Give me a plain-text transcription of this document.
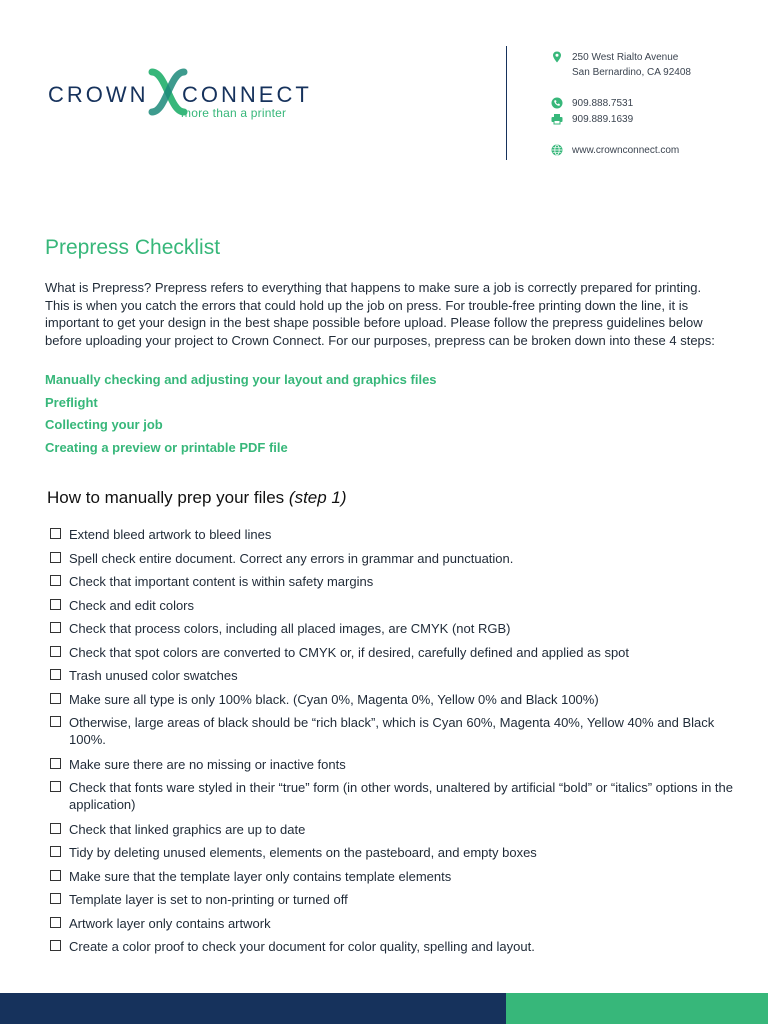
CROWN CONNECT
more than a printer
250 West Rialto Avenue
San Bernardino, CA 92408
909.888.7531
909.889.1639
www.crownconnect.com
Prepress Checklist

What is Prepress? Prepress refers to everything that happens to make sure a job is correctly prepared for printing. This is when you catch the errors that could hold up the job on press. For trouble-free printing down the line, it is important to get your design in the best shape possible before upload. Please follow the prepress guidelines below before uploading your project to Crown Connect. For our purposes, prepress can be broken down into these 4 steps:

Manually checking and adjusting your layout and graphics files
Preflight
Collecting your job
Creating a preview or printable PDF file
How to manually prep your files (step 1)
Extend bleed artwork to bleed lines
Spell check entire document. Correct any errors in grammar and punctuation.
Check that important content is within safety margins
Check and edit colors
Check that process colors, including all placed images, are CMYK (not RGB)
Check that spot colors are converted to CMYK or, if desired, carefully defined and applied as spot
Trash unused color swatches
Make sure all type is only 100% black. (Cyan 0%, Magenta 0%, Yellow 0% and Black 100%)
Otherwise, large areas of black should be “rich black”, which is Cyan 60%, Magenta 40%, Yellow 40% and Black 100%.
Make sure there are no missing or inactive fonts
Check that fonts ware styled in their “true” form (in other words, unaltered by artificial “bold” or “italics” options in the application)
Check that linked graphics are up to date
Tidy by deleting unused elements, elements on the pasteboard, and empty boxes
Make sure that the template layer only contains template elements
Template layer is set to non-printing or turned off
Artwork layer only contains artwork
Create a color proof to check your document for color quality, spelling and layout.
